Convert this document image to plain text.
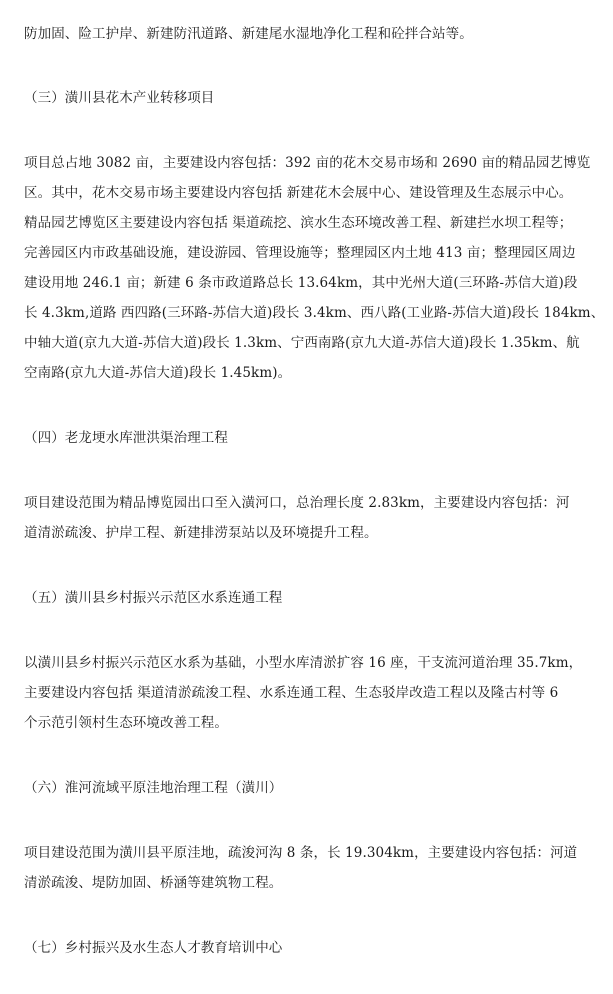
防加固、险工护岸、新建防汛道路、新建尾水湿地净化工程和砼拌合站等。
（三）潢川县花木产业转移项目
项目总占地 3082 亩，主要建设内容包括：392 亩的花木交易市场和 2690 亩的精品园艺博览
区。其中，花木交易市场主要建设内容包括 新建花木会展中心、建设管理及生态展示中心。
精品园艺博览区主要建设内容包括 渠道疏挖、滨水生态环境改善工程、新建拦水坝工程等；
完善园区内市政基础设施，建设游园、管理设施等；整理园区内土地 413 亩；整理园区周边
建设用地 246.1 亩；新建 6 条市政道路总长 13.64km，其中光州大道(三环路-苏信大道)段
长 4.3km,道路 西四路(三环路-苏信大道)段长 3.4km、西八路(工业路-苏信大道)段长 184km、
中轴大道(京九大道-苏信大道)段长 1.3km、宁西南路(京九大道-苏信大道)段长 1.35km、航
空南路(京九大道-苏信大道)段长 1.45km)。
（四）老龙埂水库泄洪渠治理工程
项目建设范围为精品博览园出口至入潢河口，总治理长度 2.83km，主要建设内容包括：河
道清淤疏浚、护岸工程、新建排涝泵站以及环境提升工程。
（五）潢川县乡村振兴示范区水系连通工程
以潢川县乡村振兴示范区水系为基础，小型水库清淤扩容 16 座，干支流河道治理 35.7km，
主要建设内容包括 渠道清淤疏浚工程、水系连通工程、生态驳岸改造工程以及隆古村等 6
个示范引领村生态环境改善工程。
（六）淮河流域平原洼地治理工程（潢川）
项目建设范围为潢川县平原洼地，疏浚河沟 8 条，长 19.304km，主要建设内容包括：河道
清淤疏浚、堤防加固、桥涵等建筑物工程。
（七）乡村振兴及水生态人才教育培训中心
